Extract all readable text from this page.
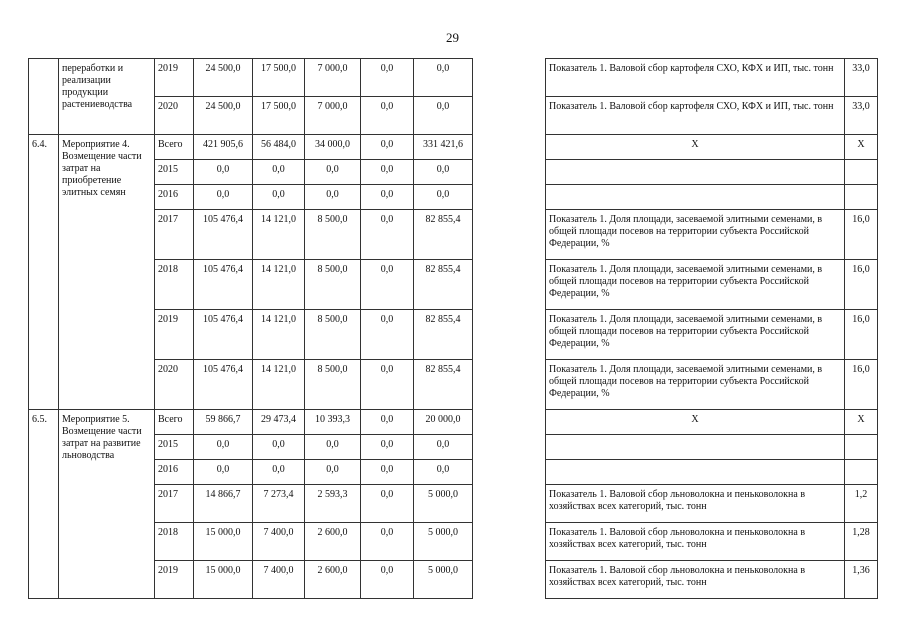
29
	переработки и реализации продукции растениеводства	2019	24 500,0	17 500,0	7 000,0	0,0	0,0		Показатель 1. Валовой сбор картофеля СХО, КФХ и ИП, тыс. тонн	33,0
		2020	24 500,0	17 500,0	7 000,0	0,0	0,0		Показатель 1. Валовой сбор картофеля СХО, КФХ и ИП, тыс. тонн	33,0
6.4.	Мероприятие 4. Возмещение части затрат на приобретение элитных семян	Всего	421 905,6	56 484,0	34 000,0	0,0	331 421,6		Х	Х
		2015	0,0	0,0	0,0	0,0	0,0			
		2016	0,0	0,0	0,0	0,0	0,0			
		2017	105 476,4	14 121,0	8 500,0	0,0	82 855,4		Показатель 1. Доля площади, засеваемой элитными семенами, в общей площади посевов на территории субъекта Российской Федерации, %	16,0
		2018	105 476,4	14 121,0	8 500,0	0,0	82 855,4		Показатель 1. Доля площади, засеваемой элитными семенами, в общей площади посевов на территории субъекта Российской Федерации, %	16,0
		2019	105 476,4	14 121,0	8 500,0	0,0	82 855,4		Показатель 1. Доля площади, засеваемой элитными семенами, в общей площади посевов на территории субъекта Российской Федерации, %	16,0
		2020	105 476,4	14 121,0	8 500,0	0,0	82 855,4		Показатель 1. Доля площади, засеваемой элитными семенами, в общей площади посевов на территории субъекта Российской Федерации, %	16,0
6.5.	Мероприятие 5. Возмещение части затрат на развитие льноводства	Всего	59 866,7	29 473,4	10 393,3	0,0	20 000,0		Х	Х
		2015	0,0	0,0	0,0	0,0	0,0			
		2016	0,0	0,0	0,0	0,0	0,0			
		2017	14 866,7	7 273,4	2 593,3	0,0	5 000,0		Показатель 1. Валовой сбор льноволокна и пеньковолокна в хозяйствах всех категорий, тыс. тонн	1,2
		2018	15 000,0	7 400,0	2 600,0	0,0	5 000,0		Показатель 1. Валовой сбор льноволокна и пеньковолокна в хозяйствах всех категорий, тыс. тонн	1,28
		2019	15 000,0	7 400,0	2 600,0	0,0	5 000,0		Показатель 1. Валовой сбор льноволокна и пеньковолокна в хозяйствах всех категорий, тыс. тонн	1,36
